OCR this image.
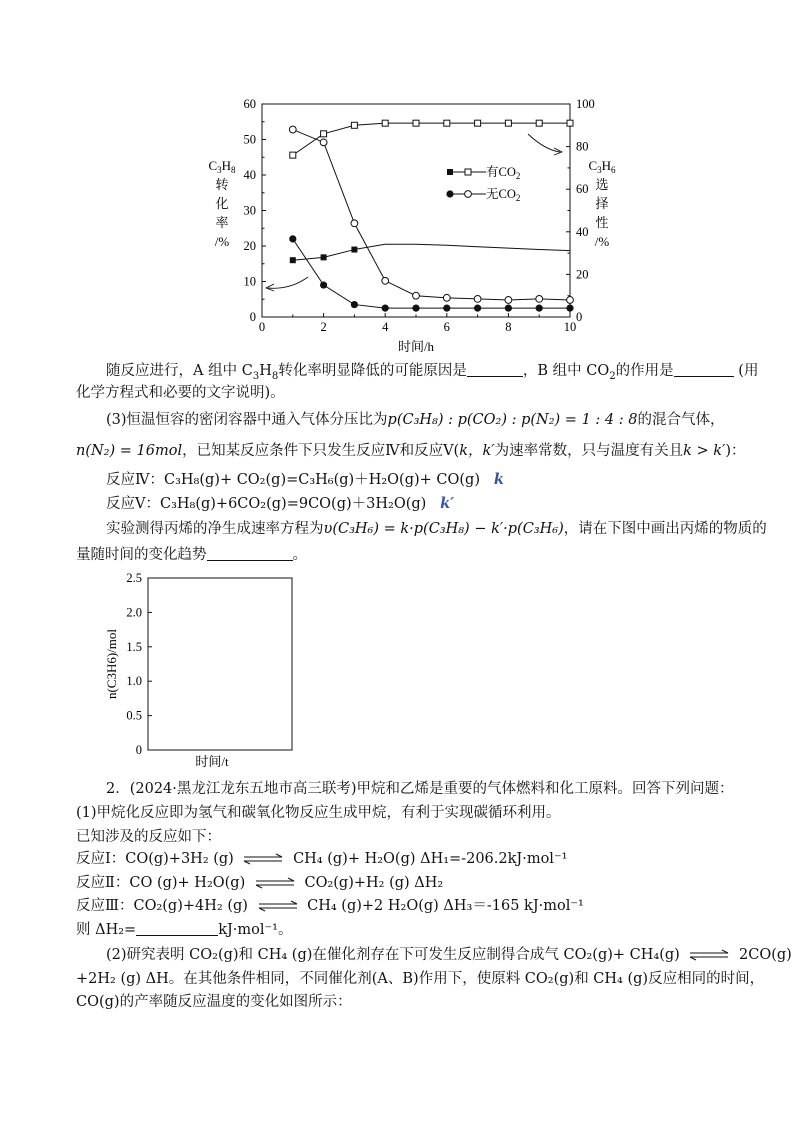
0	2	4	6	8	10
时间/h
0
10
20
30
40
50
60
0
20
40
60
80
100
$C_3H_8$
转
化
率
/%
$C_3H_6$
选
择
性
/%
有$CO_2$
无$CO_2$
随反应进行，A 组中 $C_3H_8$转化率明显降低的可能原因是	，B 组中 $CO_2$的作用是	(用
化学方程式和必要的文字说明)。
(3)恒温恒容的密闭容器中通入气体分压比为p(C₃H₈) : p(CO₂) : p(N₂) = 1 : 4 : 8的混合气体，
n(N₂) = 16mol，已知某反应条件下只发生反应Ⅳ和反应Ⅴ(k，k′为速率常数，只与温度有关且k > k′)：
反应Ⅳ：C₃H₈(g)+ CO₂(g)=C₃H₆(g)＋H₂O(g)+ CO(g) k
反应Ⅴ：C₃H₈(g)+6CO₂(g)=9CO(g)＋3H₂O(g) k′
实验测得丙烯的净生成速率方程为υ(C₃H₆) = k·p(C₃H₈) − k′·p(C₃H₆)，请在下图中画出丙烯的物质的
量随时间的变化趋势	。
0
0.5
1.0
1.5
2.0
2.5
时间/t
n(C3H6)/mol
2．(2024·黑龙江龙东五地市高三联考)甲烷和乙烯是重要的气体燃料和化工原料。回答下列问题：
(1)甲烷化反应即为氢气和碳氧化物反应生成甲烷，有利于实现碳循环利用。
已知涉及的反应如下：
反应Ⅰ：CO(g)+3H₂ (g) ⇌ CH₄ (g)+ H₂O(g) ΔH₁=-206.2kJ·mol⁻¹
反应Ⅱ：CO (g)+ H₂O(g) ⇌ CO₂(g)+H₂ (g) ΔH₂
反应Ⅲ：CO₂(g)+4H₂ (g) ⇌ CH₄ (g)+2 H₂O(g) ΔH₃＝-165 kJ·mol⁻¹
则 ΔH₂=	kJ·mol⁻¹。
(2)研究表明 CO₂(g)和 CH₄ (g)在催化剂存在下可发生反应制得合成气 CO₂(g)+ CH₄(g) ⇌ 2CO(g)
+2H₂ (g) ΔH。在其他条件相同，不同催化剂(A、B)作用下，使原料 CO₂(g)和 CH₄ (g)反应相同的时间，
CO(g)的产率随反应温度的变化如图所示：
